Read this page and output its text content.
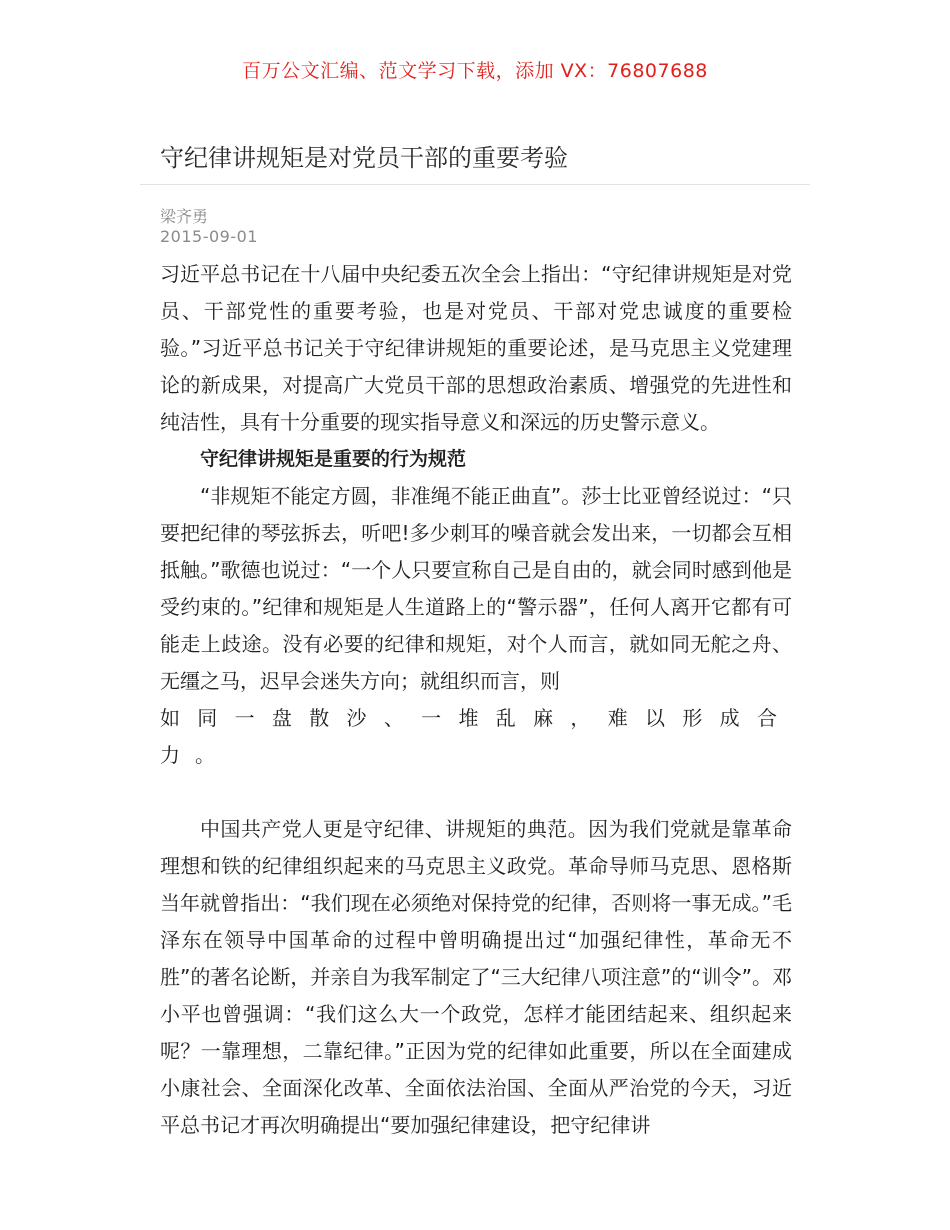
百万公文汇编、范文学习下载，添加 VX：76807688
守纪律讲规矩是对党员干部的重要考验
梁齐勇
2015-09-01

习近平总书记在十八届中央纪委五次全会上指出：“守纪律讲规矩是对党员、干部党性的重要考验，也是对党员、干部对党忠诚度的重要检验。”习近平总书记关于守纪律讲规矩的重要论述，是马克思主义党建理论的新成果，对提高广大党员干部的思想政治素质、增强党的先进性和纯洁性，具有十分重要的现实指导意义和深远的历史警示意义。

守纪律讲规矩是重要的行为规范

“非规矩不能定方圆，非准绳不能正曲直”。莎士比亚曾经说过：“只要把纪律的琴弦拆去，听吧!多少刺耳的噪音就会发出来，一切都会互相抵触。”歌德也说过：“一个人只要宣称自己是自由的，就会同时感到他是受约束的。”纪律和规矩是人生道路上的“警示器”，任何人离开它都有可能走上歧途。没有必要的纪律和规矩，对个人而言，就如同无舵之舟、无缰之马，迟早会迷失方向；就组织而言，则

如同一盘散沙、一堆乱麻，难以形成合力。

中国共产党人更是守纪律、讲规矩的典范。因为我们党就是靠革命理想和铁的纪律组织起来的马克思主义政党。革命导师马克思、恩格斯当年就曾指出：“我们现在必须绝对保持党的纪律，否则将一事无成。”毛泽东在领导中国革命的过程中曾明确提出过“加强纪律性，革命无不胜”的著名论断，并亲自为我军制定了“三大纪律八项注意”的“训令”。邓小平也曾强调：“我们这么大一个政党，怎样才能团结起来、组织起来呢？一靠理想，二靠纪律。”正因为党的纪律如此重要，所以在全面建成小康社会、全面深化改革、全面依法治国、全面从严治党的今天，习近平总书记才再次明确提出“要加强纪律建设，把守纪律讲
